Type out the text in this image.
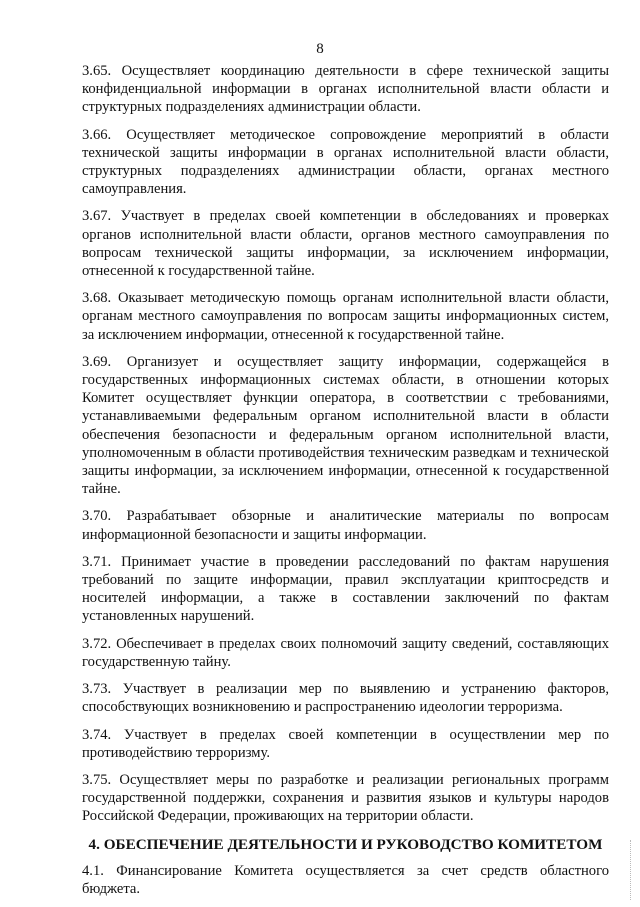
8

3.65. Осуществляет координацию деятельности в сфере технической защиты конфиденциальной информации в органах исполнительной власти области и структурных подразделениях администрации области.

3.66. Осуществляет методическое сопровождение мероприятий в области технической защиты информации в органах исполнительной власти области, структурных подразделениях администрации области, органах местного самоуправления.

3.67. Участвует в пределах своей компетенции в обследованиях и проверках органов исполнительной власти области, органов местного самоуправления по вопросам технической защиты информации, за исключением информации, отнесенной к государственной тайне.

3.68. Оказывает методическую помощь органам исполнительной власти области, органам местного самоуправления по вопросам защиты информационных систем, за исключением информации, отнесенной к государственной тайне.

3.69. Организует и осуществляет защиту информации, содержащейся в государственных информационных системах области, в отношении которых Комитет осуществляет функции оператора, в соответствии с требованиями, устанавливаемыми федеральным органом исполнительной власти в области обеспечения безопасности и федеральным органом исполнительной власти, уполномоченным в области противодействия техническим разведкам и технической защиты информации, за исключением информации, отнесенной к государственной тайне.

3.70. Разрабатывает обзорные и аналитические материалы по вопросам информационной безопасности и защиты информации.

3.71. Принимает участие в проведении расследований по фактам нарушения требований по защите информации, правил эксплуатации криптосредств и носителей информации, а также в составлении заключений по фактам установленных нарушений.

3.72. Обеспечивает в пределах своих полномочий защиту сведений, составляющих государственную тайну.

3.73. Участвует в реализации мер по выявлению и устранению факторов, способствующих возникновению и распространению идеологии терроризма.

3.74. Участвует в пределах своей компетенции в осуществлении мер по противодействию терроризму.

3.75. Осуществляет меры по разработке и реализации региональных программ государственной поддержки, сохранения и развития языков и культуры народов Российской Федерации, проживающих на территории области.

4. ОБЕСПЕЧЕНИЕ ДЕЯТЕЛЬНОСТИ И РУКОВОДСТВО КОМИТЕТОМ

4.1. Финансирование Комитета осуществляется за счет средств областного бюджета.
